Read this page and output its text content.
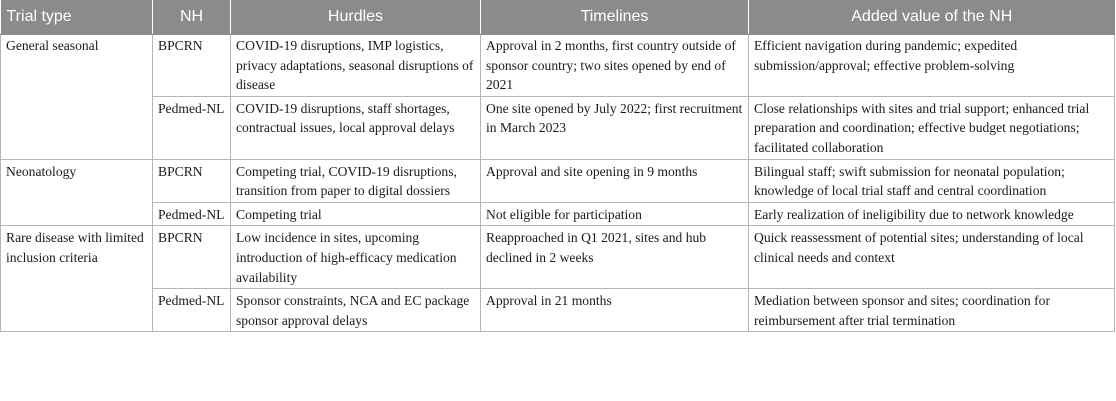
Trial type	NH	Hurdles	Timelines	Added value of the NH
General seasonal	BPCRN	COVID-19 disruptions, IMP logistics, privacy adaptations, seasonal disruptions of disease	Approval in 2 months, first country outside of sponsor country; two sites opened by end of 2021	Efficient navigation during pandemic; expedited submission/approval; effective problem-solving
	Pedmed-NL	COVID-19 disruptions, staff shortages, contractual issues, local approval delays	One site opened by July 2022; first recruitment in March 2023	Close relationships with sites and trial support; enhanced trial preparation and coordination; effective budget negotiations; facilitated collaboration
Neonatology	BPCRN	Competing trial, COVID-19 disruptions, transition from paper to digital dossiers	Approval and site opening in 9 months	Bilingual staff; swift submission for neonatal population; knowledge of local trial staff and central coordination
	Pedmed-NL	Competing trial	Not eligible for participation	Early realization of ineligibility due to network knowledge
Rare disease with limited inclusion criteria	BPCRN	Low incidence in sites, upcoming introduction of high-efficacy medication availability	Reapproached in Q1 2021, sites and hub declined in 2 weeks	Quick reassessment of potential sites; understanding of local clinical needs and context
	Pedmed-NL	Sponsor constraints, NCA and EC package sponsor approval delays	Approval in 21 months	Mediation between sponsor and sites; coordination for reimbursement after trial termination
